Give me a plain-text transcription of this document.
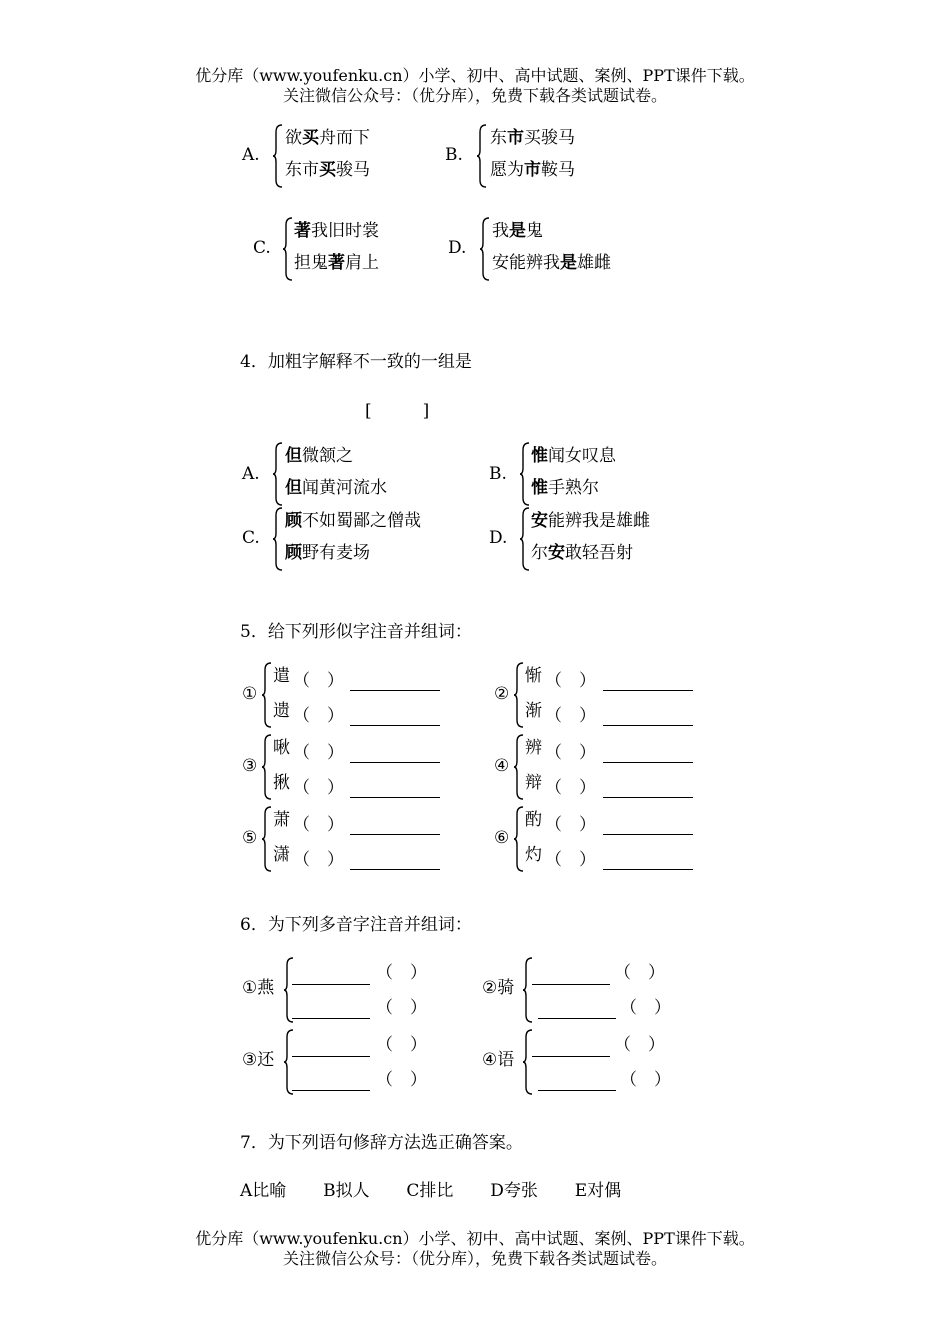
优分库（www.youfenku.cn）小学、初中、高中试题、案例、PPT课件下载。
关注微信公众号：（优分库），免费下载各类试题试卷。
A.
欲买舟而下
东市买骏马
B.
东市买骏马
愿为市鞍马
C.
著我旧时裳
担鬼著肩上
D.
我是鬼
安能辨我是雄雌
4．加粗字解释不一致的一组是
[　　　]
A.
但微颔之
但闻黄河流水
B.
惟闻女叹息
惟手熟尔
C.
顾不如蜀鄙之僧哉
顾野有麦场
D.
安能辨我是雄雌
尔安敢轻吾射
5．给下列形似字注音并组词：
①
遣 （　）
遗 （　）
②
惭 （　）
渐 （　）
③
啾 （　）
揪 （　）
④
辨 （　）
辩 （　）
⑤
萧 （　）
潇 （　）
⑥
酌 （　）
灼 （　）
6．为下列多音字注音并组词：
①燕
（　）
（　）
②骑
（　）
（　）
③还
（　）
（　）
④语
（　）
（　）
7．为下列语句修辞方法选正确答案。
A比喻 B拟人 C排比 D夸张 E对偶
优分库（www.youfenku.cn）小学、初中、高中试题、案例、PPT课件下载。
关注微信公众号：（优分库），免费下载各类试题试卷。
